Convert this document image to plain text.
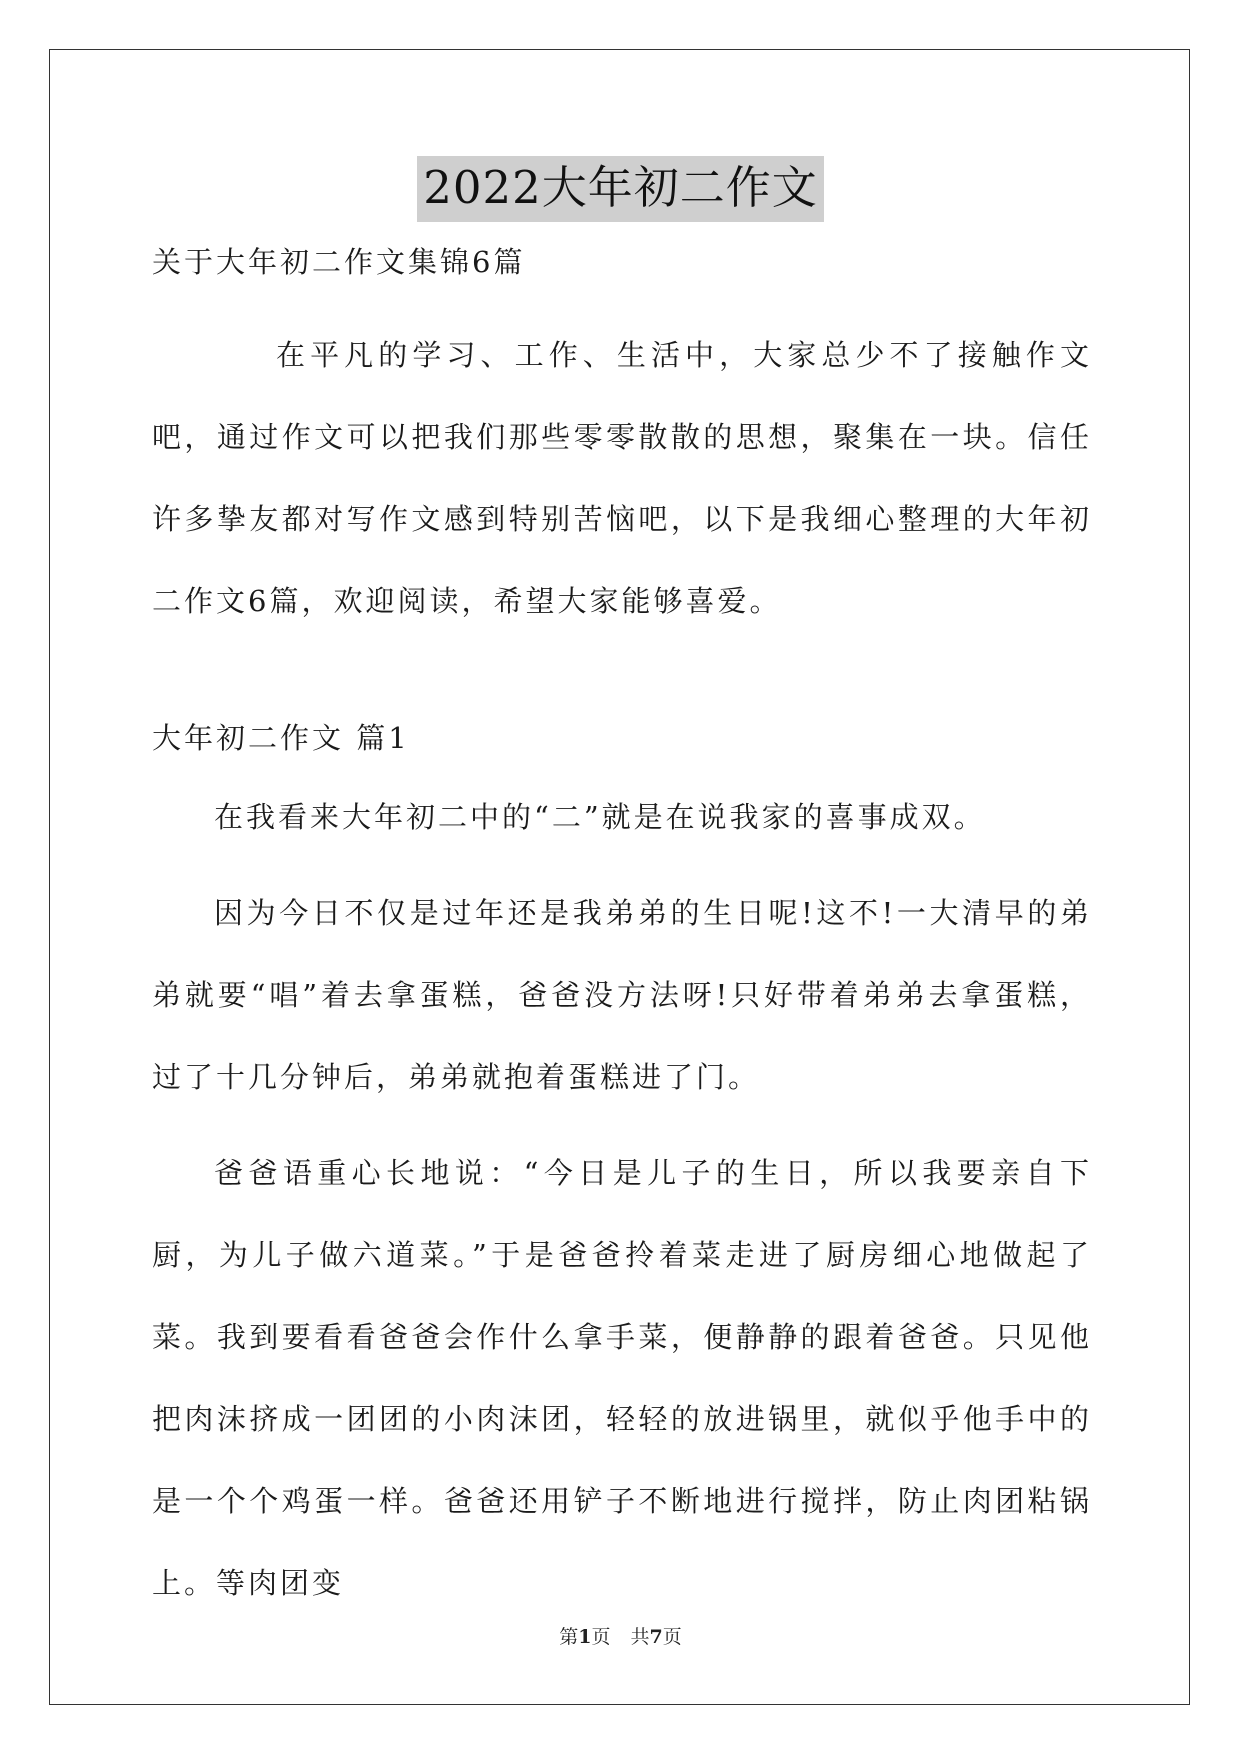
2022大年初二作文

关于大年初二作文集锦6篇

在平凡的学习、工作、生活中，大家总少不了接触作文吧，通过作文可以把我们那些零零散散的思想，聚集在一块。信任许多挚友都对写作文感到特别苦恼吧，以下是我细心整理的大年初二作文6篇，欢迎阅读，希望大家能够喜爱。

大年初二作文 篇1

在我看来大年初二中的“二”就是在说我家的喜事成双。

因为今日不仅是过年还是我弟弟的生日呢!这不!一大清早的弟弟就要“唱”着去拿蛋糕，爸爸没方法呀!只好带着弟弟去拿蛋糕，过了十几分钟后，弟弟就抱着蛋糕进了门。

爸爸语重心长地说：“今日是儿子的生日，所以我要亲自下厨，为儿子做六道菜。”于是爸爸拎着菜走进了厨房细心地做起了菜。我到要看看爸爸会作什么拿手菜，便静静的跟着爸爸。只见他把肉沫挤成一团团的小肉沫团，轻轻的放进锅里，就似乎他手中的是一个个鸡蛋一样。爸爸还用铲子不断地进行搅拌，防止肉团粘锅上。等肉团变

第1页 共7页
